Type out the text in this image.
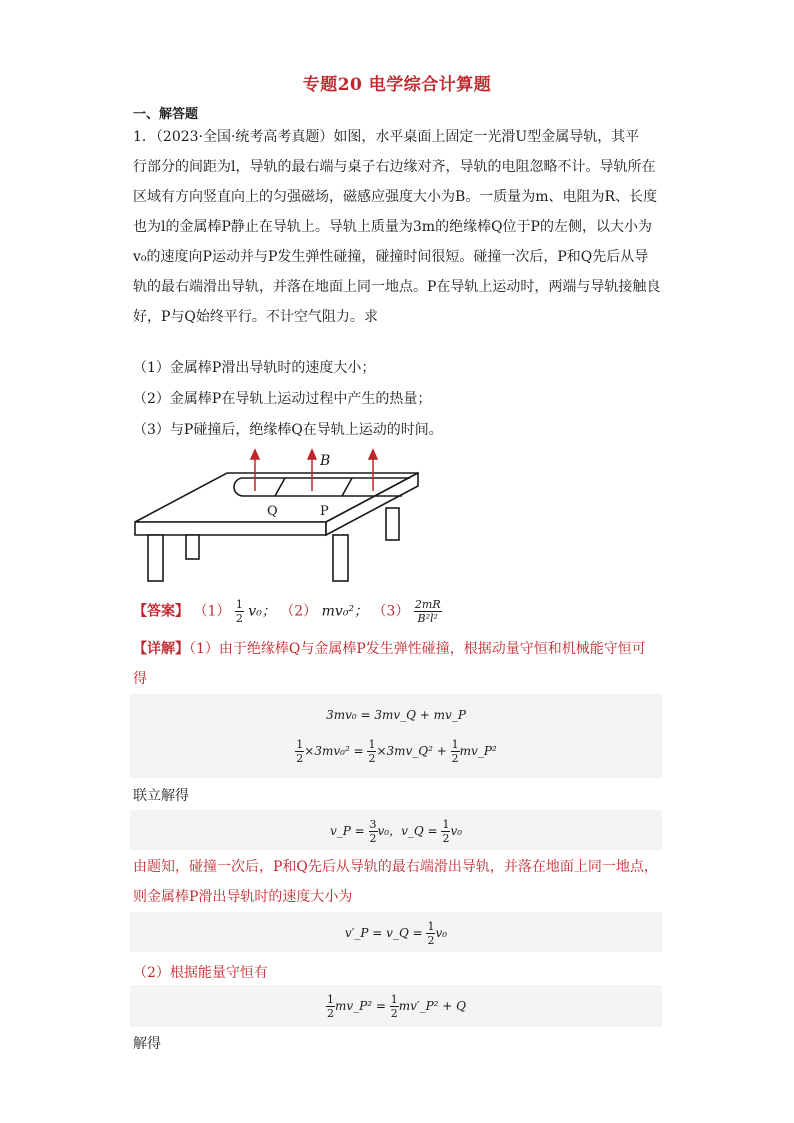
专题20 电学综合计算题
一、解答题

1．（2023·全国·统考高考真题）如图，水平桌面上固定一光滑U型金属导轨，其平

行部分的间距为l，导轨的最右端与桌子右边缘对齐，导轨的电阻忽略不计。导轨所在

区域有方向竖直向上的匀强磁场，磁感应强度大小为B。一质量为m、电阻为R、长度

也为l的金属棒P静止在导轨上。导轨上质量为3m的绝缘棒Q位于P的左侧，以大小为

v₀的速度向P运动并与P发生弹性碰撞，碰撞时间很短。碰撞一次后，P和Q先后从导

轨的最右端滑出导轨，并落在地面上同一地点。P在导轨上运动时，两端与导轨接触良

好，P与Q始终平行。不计空气阻力。求

（1）金属棒P滑出导轨时的速度大小；
（2）金属棒P在导轨上运动过程中产生的热量；
（3）与P碰撞后，绝缘棒Q在导轨上运动的时间。
B
Q	P
【答案】 $(1) \frac{1}{2} v_0$； （2） mv₀²； $(3) \frac{2mR}{\text{B²l²}}$
【详解】（1）由于绝缘棒Q与金属棒P发生弹性碰撞，根据动量守恒和机械能守恒可
得
3mv₀ = 3mv_Q + mv_P
$\frac{1}{2} \times 3mv_0^2 = \frac{1}{2}$ ×3mv_Q² + $\frac{1}{2}$ mv_P²
联立解得
v_P = $\frac{3}{2} v_0$，v_Q = $\frac{1}{2} v_0$
由题知，碰撞一次后，P和Q先后从导轨的最右端滑出导轨，并落在地面上同一地点，
则金属棒P滑出导轨时的速度大小为
v′_P = v_Q = $\frac{1}{2} v_0$
（2）根据能量守恒有
$\frac{1}{2}$ mv_P² = $\frac{1}{2}$ mv′_P² + Q
解得
